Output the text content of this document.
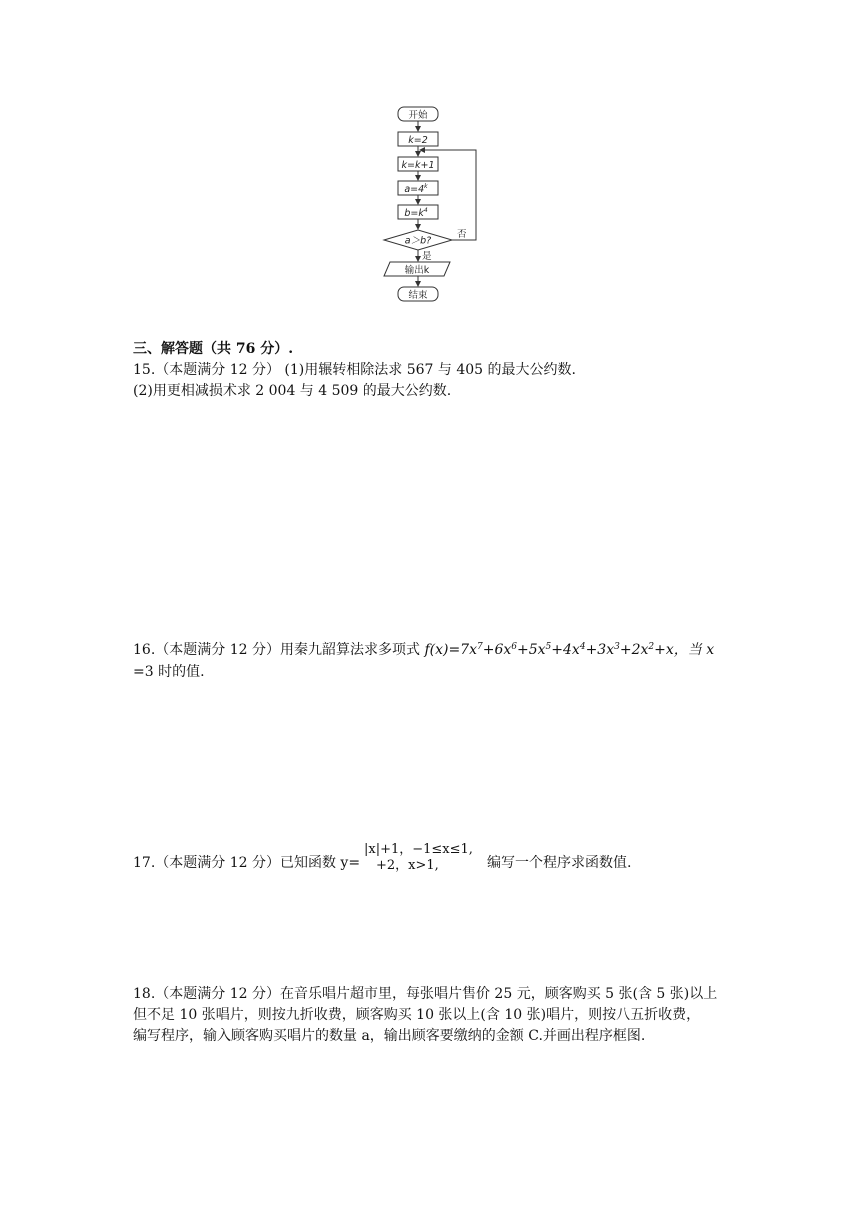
开始
k=2
k=k+1
$a=4^k$
$b=k^4$
a＞b?
否
是
输出k
结束
三、解答题（共 76 分）.
15.（本题满分 12 分） (1)用辗转相除法求 567 与 405 的最大公约数.
(2)用更相减损术求 2 004 与 4 509 的最大公约数.
16.（本题满分 12 分）用秦九韶算法求多项式 $f(x)=7x^7+6x^6+5x^5+4x^4+3x^3+2x^2+x$，当 x
=3 时的值.
17.（本题满分 12 分）已知函数 y=
|x|+1，−1≤x≤1,
+2，x>1,	编写一个程序求函数值.
18.（本题满分 12 分）在音乐唱片超市里，每张唱片售价 25 元，顾客购买 5 张(含 5 张)以上
但不足 10 张唱片，则按九折收费，顾客购买 10 张以上(含 10 张)唱片，则按八五折收费，
编写程序，输入顾客购买唱片的数量 a，输出顾客要缴纳的金额 C.并画出程序框图.
